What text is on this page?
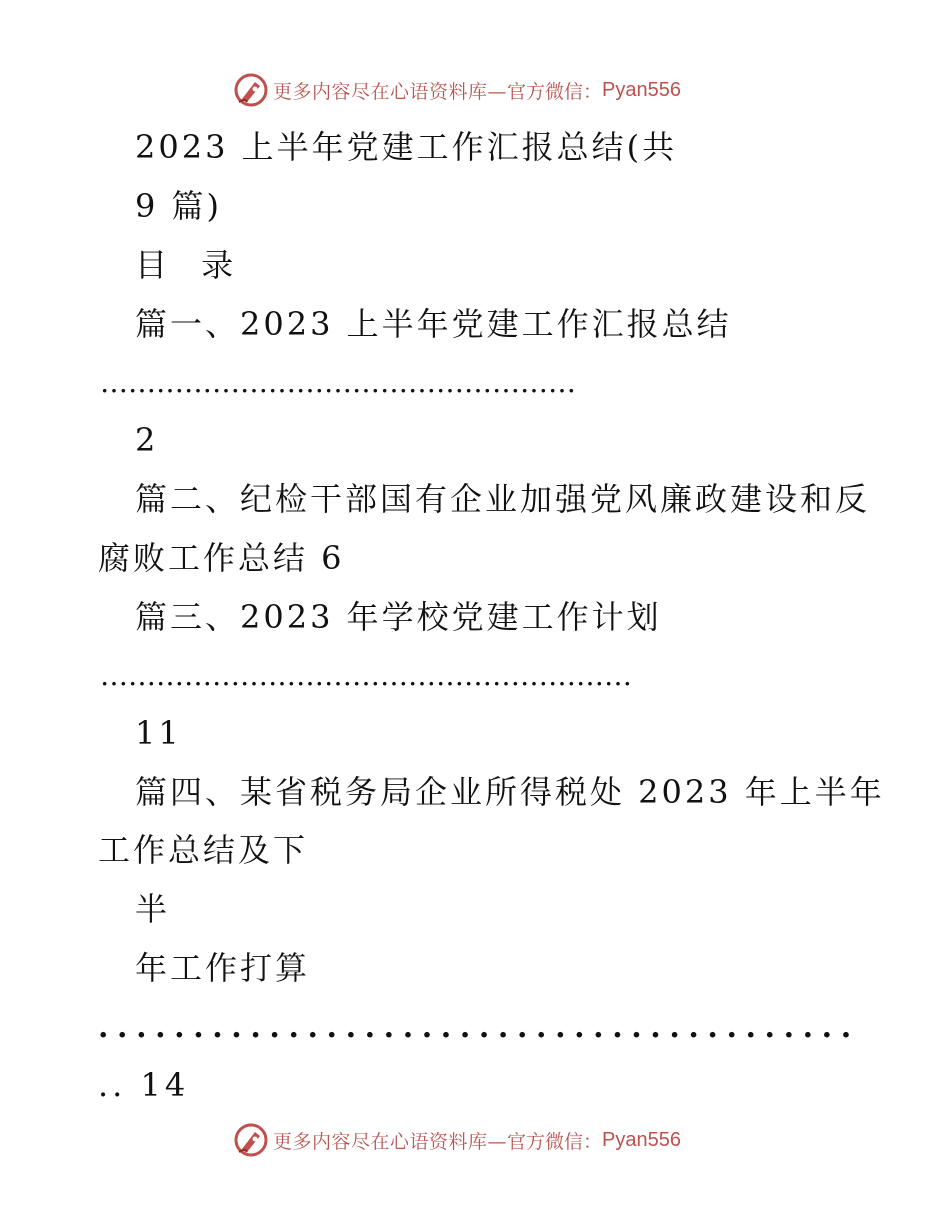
更多内容尽在心语资料库— 官方微信： Pyan556
2023 上半年党建工作汇报总结(共
9 篇)
目 录
篇一、2023 上半年党建工作汇报总结
……………………………………………
2
篇二、纪检干部国有企业加强党风廉政建设和反
腐败工作总结 6
篇三、2023 年学校党建工作计划
…………………………………………………
11
篇四、某省税务局企业所得税处 2023 年上半年
工作总结及下
半
年工作打算
........................................
.. 14
更多内容尽在心语资料库— 官方微信： Pyan556
